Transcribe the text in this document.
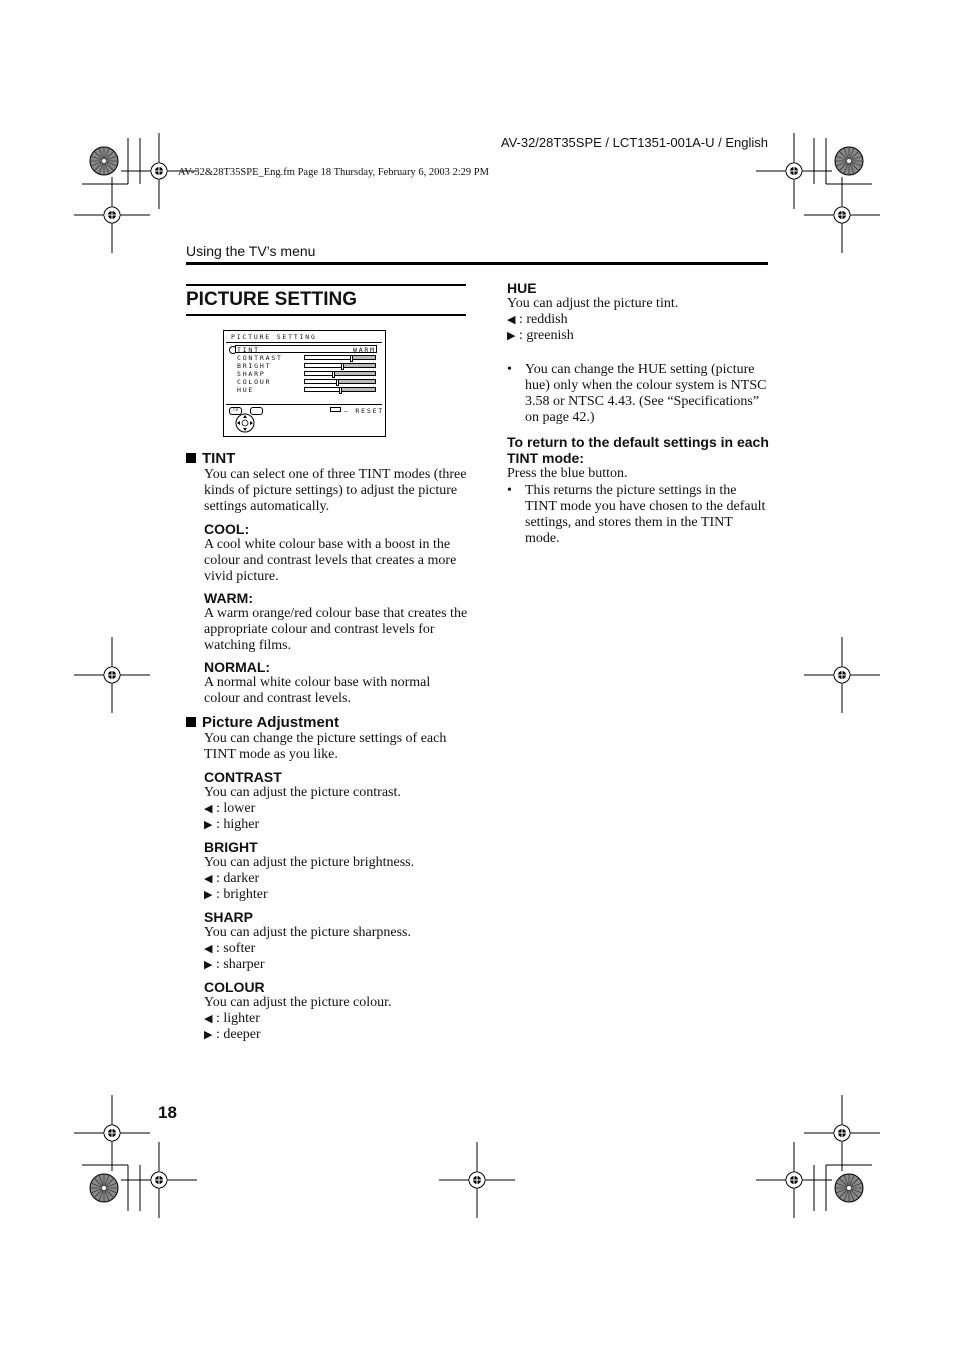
AV-32/28T35SPE / LCT1351-001A-U / English
AV-32&28T35SPE_Eng.fm Page 18 Thursday, February 6, 2003 2:29 PM
Using the TV’s menu
PICTURE SETTING
PICTURE SETTING
TINT	WARM
CONTRAST
BRIGHT
SHARP
COLOUR
HUE
TV	– RESET
TINT
You can select one of three TINT modes (three kinds of picture settings) to adjust the picture settings automatically.
COOL:
A cool white colour base with a boost in the colour and contrast levels that creates a more vivid picture.
WARM:
A warm orange/red colour base that creates the appropriate colour and contrast levels for watching films.
NORMAL:
A normal white colour base with normal colour and contrast levels.
Picture Adjustment
You can change the picture settings of each TINT mode as you like.
CONTRAST
You can adjust the picture contrast.
◀ : lower
▶ : higher
BRIGHT
You can adjust the picture brightness.
◀ : darker
▶ : brighter
SHARP
You can adjust the picture sharpness.
◀ : softer
▶ : sharper
COLOUR
You can adjust the picture colour.
◀ : lighter
▶ : deeper
HUE
You can adjust the picture tint.
◀ : reddish
▶ : greenish
• You can change the HUE setting (picture hue) only when the colour system is NTSC 3.58 or NTSC 4.43. (See “Specifications” on page 42.)
To return to the default settings in each TINT mode:
Press the blue button.
• This returns the picture settings in the TINT mode you have chosen to the default settings, and stores them in the TINT mode.
18
